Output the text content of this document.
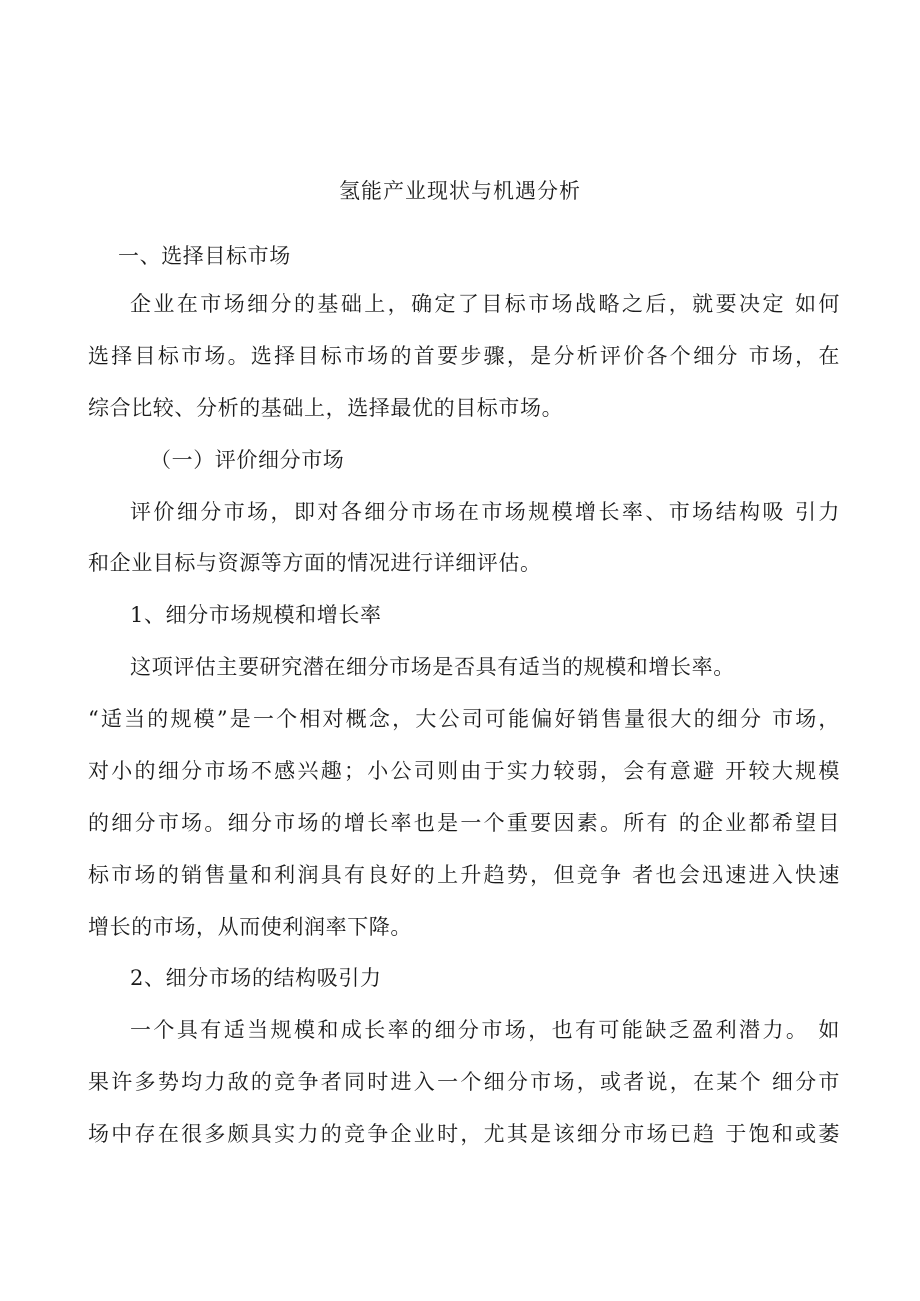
氢能产业现状与机遇分析
一、选择目标市场
企业在市场细分的基础上，确定了目标市场战略之后，就要决定 如何
选择目标市场。选择目标市场的首要步骤，是分析评价各个细分 市场，在
综合比较、分析的基础上，选择最优的目标市场。
（一）评价细分市场
评价细分市场，即对各细分市场在市场规模增长率、市场结构吸 引力
和企业目标与资源等方面的情况进行详细评估。
1、细分市场规模和增长率
这项评估主要研究潜在细分市场是否具有适当的规模和增长率。
“适当的规模”是一个相对概念，大公司可能偏好销售量很大的细分 市场，
对小的细分市场不感兴趣；小公司则由于实力较弱，会有意避 开较大规模
的细分市场。细分市场的增长率也是一个重要因素。所有 的企业都希望目
标市场的销售量和利润具有良好的上升趋势，但竞争 者也会迅速进入快速
增长的市场，从而使利润率下降。
2、细分市场的结构吸引力
一个具有适当规模和成长率的细分市场，也有可能缺乏盈利潜力。 如
果许多势均力敌的竞争者同时进入一个细分市场，或者说，在某个 细分市
场中存在很多颇具实力的竞争企业时，尤其是该细分市场已趋 于饱和或萎
